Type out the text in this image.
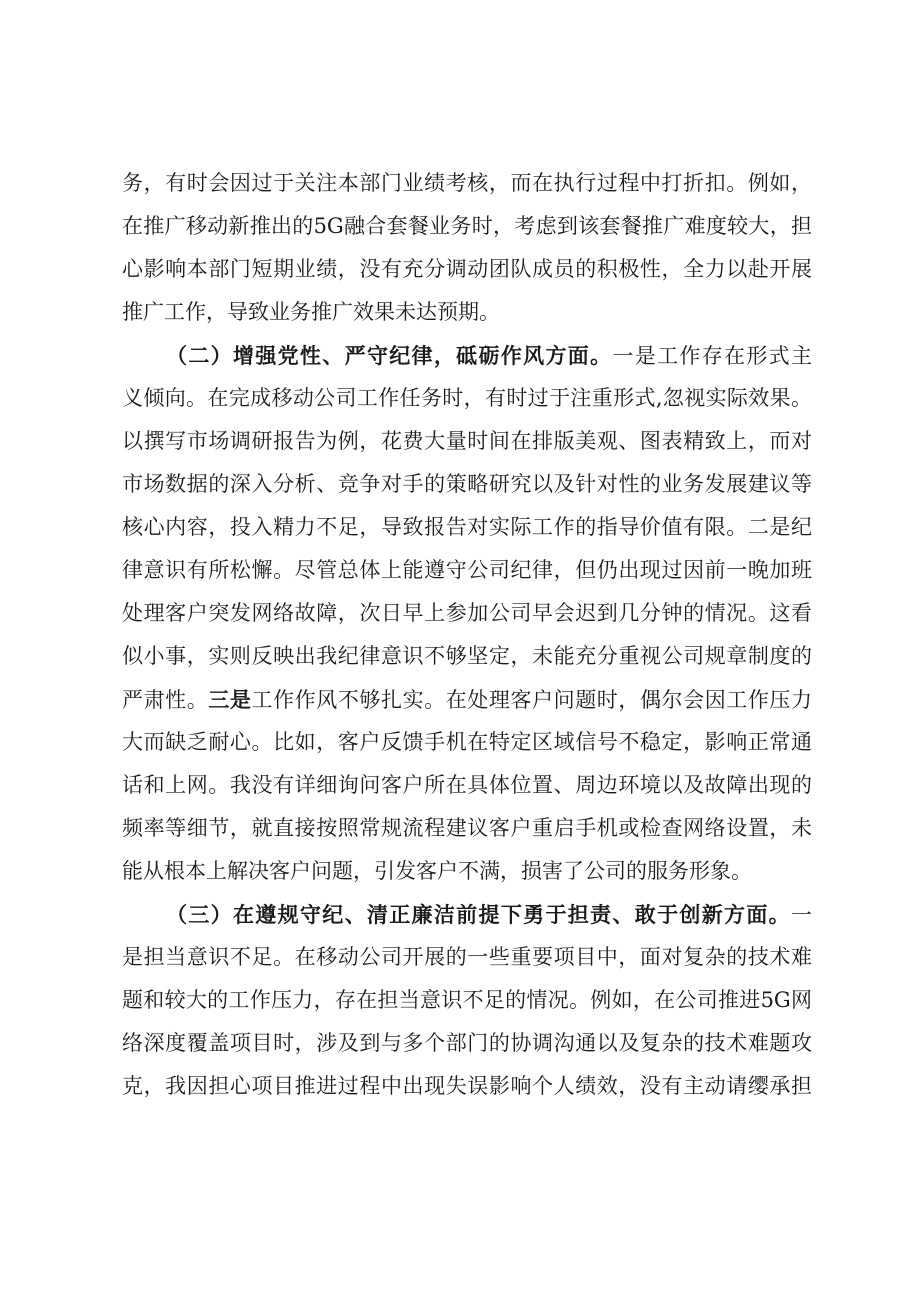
务，有时会因过于关注本部门业绩考核，而在执行过程中打折扣。例如，
在推广移动新推出的5G融合套餐业务时，考虑到该套餐推广难度较大，担
心影响本部门短期业绩，没有充分调动团队成员的积极性，全力以赴开展
推广工作，导致业务推广效果未达预期。
（二）增强党性、严守纪律，砥砺作风方面。一是工作存在形式主
义倾向。在完成移动公司工作任务时，有时过于注重形式,忽视实际效果。
以撰写市场调研报告为例，花费大量时间在排版美观、图表精致上，而对
市场数据的深入分析、竞争对手的策略研究以及针对性的业务发展建议等
核心内容，投入精力不足，导致报告对实际工作的指导价值有限。二是纪
律意识有所松懈。尽管总体上能遵守公司纪律，但仍出现过因前一晚加班
处理客户突发网络故障，次日早上参加公司早会迟到几分钟的情况。这看
似小事，实则反映出我纪律意识不够坚定，未能充分重视公司规章制度的
严肃性。三是工作作风不够扎实。在处理客户问题时，偶尔会因工作压力
大而缺乏耐心。比如，客户反馈手机在特定区域信号不稳定，影响正常通
话和上网。我没有详细询问客户所在具体位置、周边环境以及故障出现的
频率等细节，就直接按照常规流程建议客户重启手机或检查网络设置，未
能从根本上解决客户问题，引发客户不满，损害了公司的服务形象。
（三）在遵规守纪、清正廉洁前提下勇于担责、敢于创新方面。一
是担当意识不足。在移动公司开展的一些重要项目中，面对复杂的技术难
题和较大的工作压力，存在担当意识不足的情况。例如，在公司推进5G网
络深度覆盖项目时，涉及到与多个部门的协调沟通以及复杂的技术难题攻
克，我因担心项目推进过程中出现失误影响个人绩效，没有主动请缨承担
